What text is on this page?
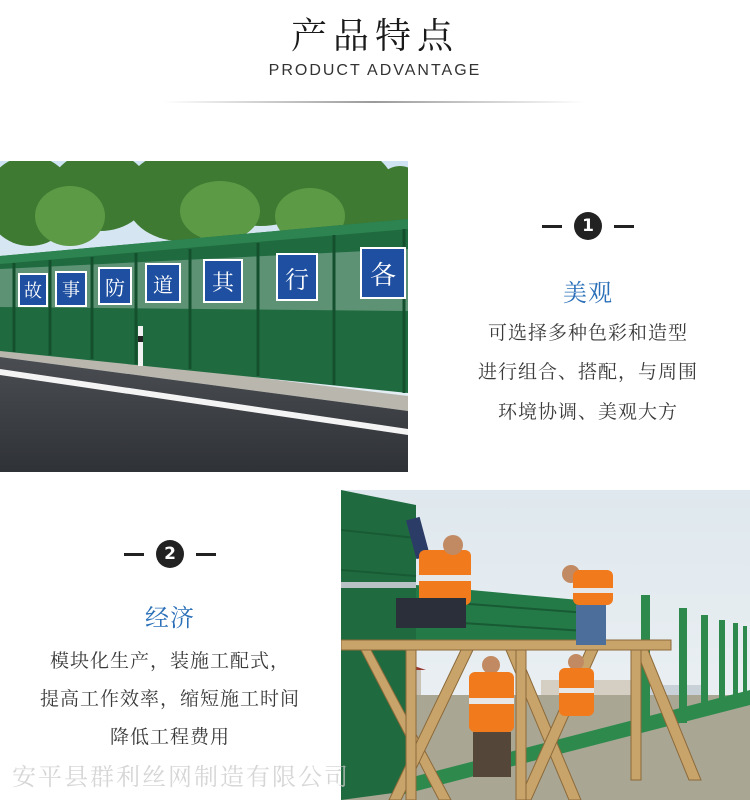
产品特点
PRODUCT ADVANTAGE
故	事	防	道	其	行	各
1
美观
可选择多种色彩和造型
进行组合、搭配，与周围
环境协调、美观大方
2
经济
模块化生产，装施工配式，
提高工作效率，缩短施工时间
降低工程费用
安平县群利丝网制造有限公司
